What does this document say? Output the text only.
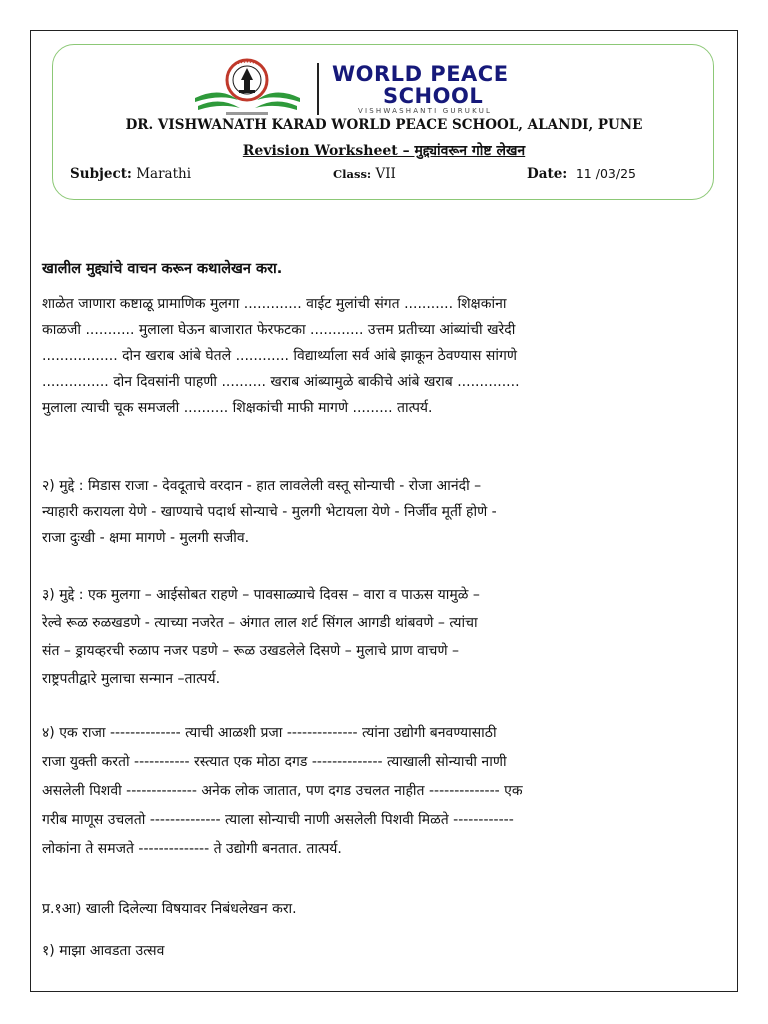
WORLD PEACE
SCHOOL
VISHWASHANTI GURUKUL
DR. VISHWANATH KARAD WORLD PEACE SCHOOL, ALANDI, PUNE
Revision Worksheet – मुद्द्यांवरून गोष्ट लेखन
Subject: Marathi	Class: VII	Date: 11 /03/25
खालील मुद्द्यांचे वाचन करून कथालेखन करा.
शाळेत जाणारा कष्टाळू प्रामाणिक मुलगा ............. वाईट मुलांची संगत ........... शिक्षकांना
काळजी ........... मुलाला घेऊन बाजारात फेरफटका ............ उत्तम प्रतीच्या आंब्यांची खरेदी
................. दोन खराब आंबे घेतले ............ विद्यार्थ्याला सर्व आंबे झाकून ठेवण्यास सांगणे
............... दोन दिवसांनी पाहणी .......... खराब आंब्यामुळे बाकीचे आंबे खराब ..............
मुलाला त्याची चूक समजली .......... शिक्षकांची माफी मागणे ......... तात्पर्य.
२) मुद्दे : मिडास राजा - देवदूताचे वरदान - हात लावलेली वस्तू सोन्याची - रोजा आनंदी –
न्याहारी करायला येणे - खाण्याचे पदार्थ सोन्याचे - मुलगी भेटायला येणे - निर्जीव मूर्ती होणे -
राजा दुःखी - क्षमा मागणे - मुलगी सजीव.
३) मुद्दे : एक मुलगा – आईसोबत राहणे – पावसाळ्याचे दिवस – वारा व पाऊस यामुळे –
रेल्वे रूळ रुळखडणे - त्याच्या नजरेत – अंगात लाल शर्ट सिंगल आगडी थांबवणे – त्यांचा
संत – ड्रायव्हरची रुळाप नजर पडणे – रूळ उखडलेले दिसणे – मुलाचे प्राण वाचणे –
राष्ट्रपतीद्वारे मुलाचा सन्मान –तात्पर्य.
४) एक राजा -------------- त्याची आळशी प्रजा -------------- त्यांना उद्योगी बनवण्यासाठी
राजा युक्ती करतो ----------- रस्त्यात एक मोठा दगड -------------- त्याखाली सोन्याची नाणी
असलेली पिशवी -------------- अनेक लोक जातात, पण दगड उचलत नाहीत -------------- एक
गरीब माणूस उचलतो -------------- त्याला सोन्याची नाणी असलेली पिशवी मिळते ------------
लोकांना ते समजते -------------- ते उद्योगी बनतात. तात्पर्य.
प्र.१आ) खाली दिलेल्या विषयावर निबंधलेखन करा.
१) माझा आवडता उत्सव
